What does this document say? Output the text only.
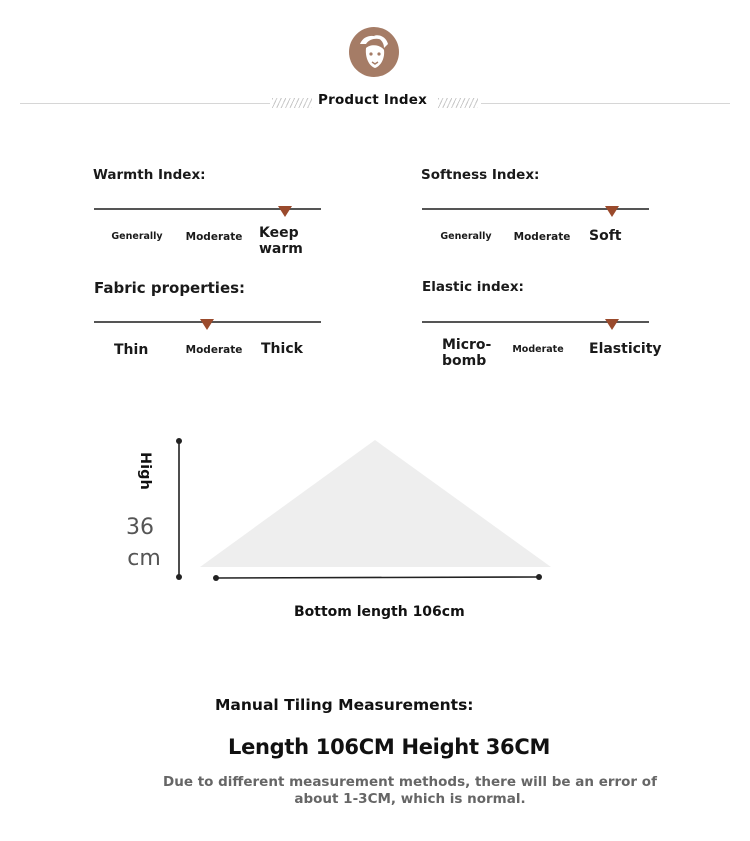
Product Index
Warmth Index:
Generally	Moderate Keep warm
Softness Index:
Generally	Moderate Soft
Fabric properties:
Thin	Moderate Thick
Elastic index:
Micro-bomb
Moderate	Elasticity
High
36
cm
Bottom length 106cm
Manual Tiling Measurements:
Length 106CM Height 36CM
Due to different measurement methods, there will be an error of
about 1-3CM, which is normal.
